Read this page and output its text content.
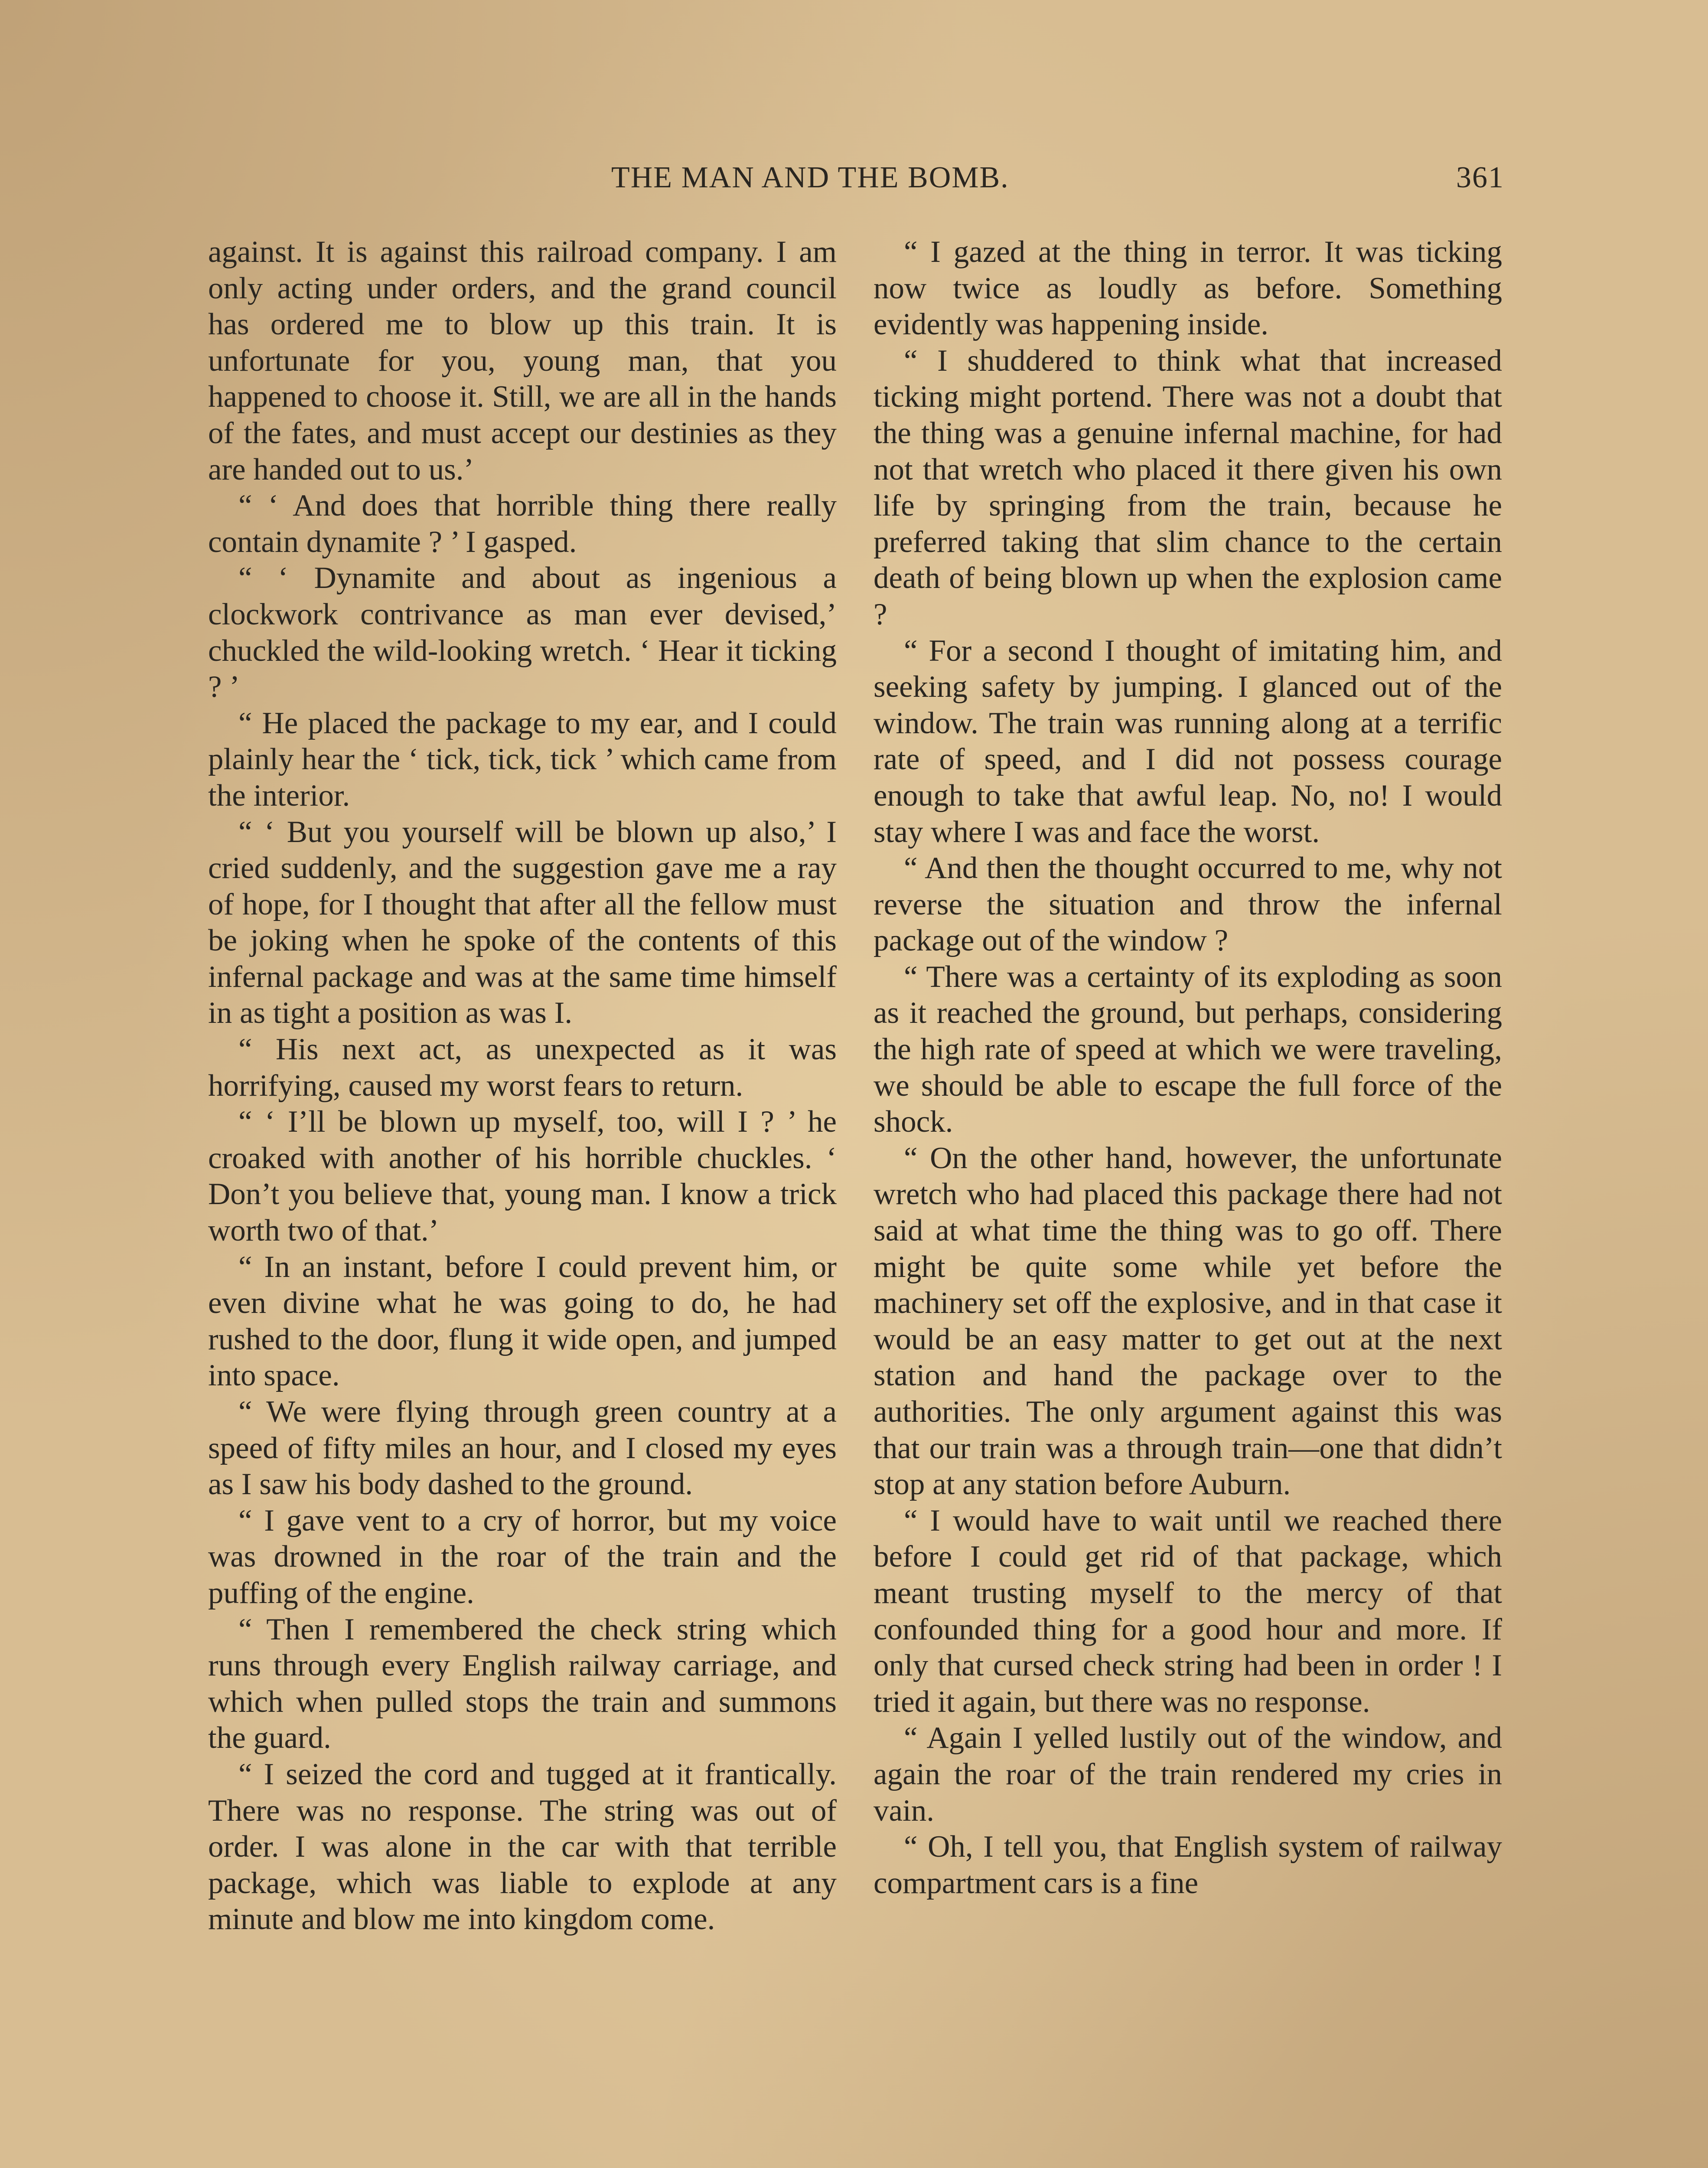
THE MAN AND THE BOMB.	361

against. It is against this railroad company. I am only acting under orders, and the grand council has ordered me to blow up this train. It is unfortunate for you, young man, that you happened to choose it. Still, we are all in the hands of the fates, and must accept our destinies as they are handed out to us.’

“ ‘ And does that horrible thing there really contain dynamite ? ’ I gasped.

“ ‘ Dynamite and about as ingenious a clockwork contrivance as man ever devised,’ chuckled the wild-looking wretch. ‘ Hear it ticking ? ’

“ He placed the package to my ear, and I could plainly hear the ‘ tick, tick, tick ’ which came from the interior.

“ ‘ But you yourself will be blown up also,’ I cried suddenly, and the suggestion gave me a ray of hope, for I thought that after all the fellow must be joking when he spoke of the contents of this infernal package and was at the same time himself in as tight a position as was I.

“ His next act, as unexpected as it was horrifying, caused my worst fears to return.

“ ‘ I’ll be blown up myself, too, will I ? ’ he croaked with another of his horrible chuckles. ‘ Don’t you believe that, young man. I know a trick worth two of that.’

“ In an instant, before I could prevent him, or even divine what he was going to do, he had rushed to the door, flung it wide open, and jumped into space.

“ We were flying through green country at a speed of fifty miles an hour, and I closed my eyes as I saw his body dashed to the ground.

“ I gave vent to a cry of horror, but my voice was drowned in the roar of the train and the puffing of the engine.

“ Then I remembered the check string which runs through every English railway carriage, and which when pulled stops the train and summons the guard.

“ I seized the cord and tugged at it frantically. There was no response. The string was out of order. I was alone in the car with that terrible package, which was liable to explode at any minute and blow me into kingdom come.

“ I gazed at the thing in terror. It was ticking now twice as loudly as before. Something evidently was happening inside.

“ I shuddered to think what that increased ticking might portend. There was not a doubt that the thing was a genuine infernal machine, for had not that wretch who placed it there given his own life by springing from the train, because he preferred taking that slim chance to the certain death of being blown up when the explosion came ?

“ For a second I thought of imitating him, and seeking safety by jumping. I glanced out of the window. The train was running along at a terrific rate of speed, and I did not possess courage enough to take that awful leap. No, no! I would stay where I was and face the worst.

“ And then the thought occurred to me, why not reverse the situation and throw the infernal package out of the window ?

“ There was a certainty of its exploding as soon as it reached the ground, but perhaps, considering the high rate of speed at which we were traveling, we should be able to escape the full force of the shock.

“ On the other hand, however, the unfortunate wretch who had placed this package there had not said at what time the thing was to go off. There might be quite some while yet before the machinery set off the explosive, and in that case it would be an easy matter to get out at the next station and hand the package over to the authorities. The only argument against this was that our train was a through train—one that didn’t stop at any station before Auburn.

“ I would have to wait until we reached there before I could get rid of that package, which meant trusting myself to the mercy of that confounded thing for a good hour and more. If only that cursed check string had been in order ! I tried it again, but there was no response.

“ Again I yelled lustily out of the window, and again the roar of the train rendered my cries in vain.

“ Oh, I tell you, that English system of railway compartment cars is a fine
